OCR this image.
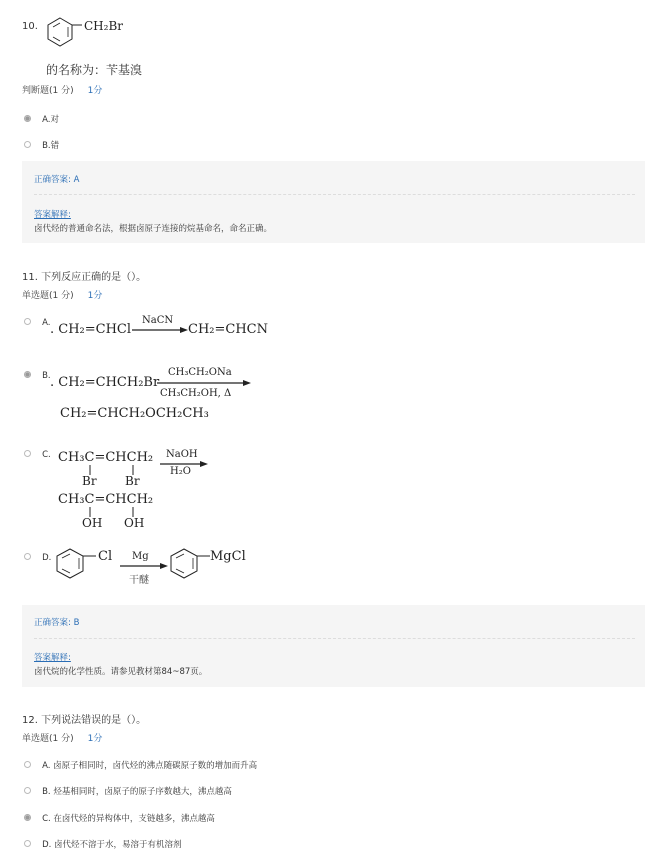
10.	CH₂Br
的名称为：苄基溴
判断题(1 分) 1分
A.对
B.错
正确答案: A
答案解释:
卤代烃的普通命名法，根据卤原子连接的烷基命名，命名正确。
11. 下列反应正确的是（）。
单选题(1 分) 1分
A. . CH₂=CHCl
NaCN
CH₂=CHCN
B. . CH₂=CHCH₂Br
CH₃CH₂ONa
CH₃CH₂OH, Δ
CH₂=CHCH₂OCH₂CH₃
C. CH₃C=CHCH₂
Br Br
NaOH
H₂O
CH₃C=CHCH₂
OH OH
D.	Cl Mg
干醚
MgCl
正确答案: B
答案解释:
卤代烷的化学性质。请参见教材第84~87页。
12. 下列说法错误的是（）。
单选题(1 分) 1分
A. 卤原子相同时，卤代烃的沸点随碳原子数的增加而升高
B. 烃基相同时，卤原子的原子序数越大，沸点越高
C. 在卤代烃的异构体中，支链越多，沸点越高
D. 卤代烃不溶于水，易溶于有机溶剂
